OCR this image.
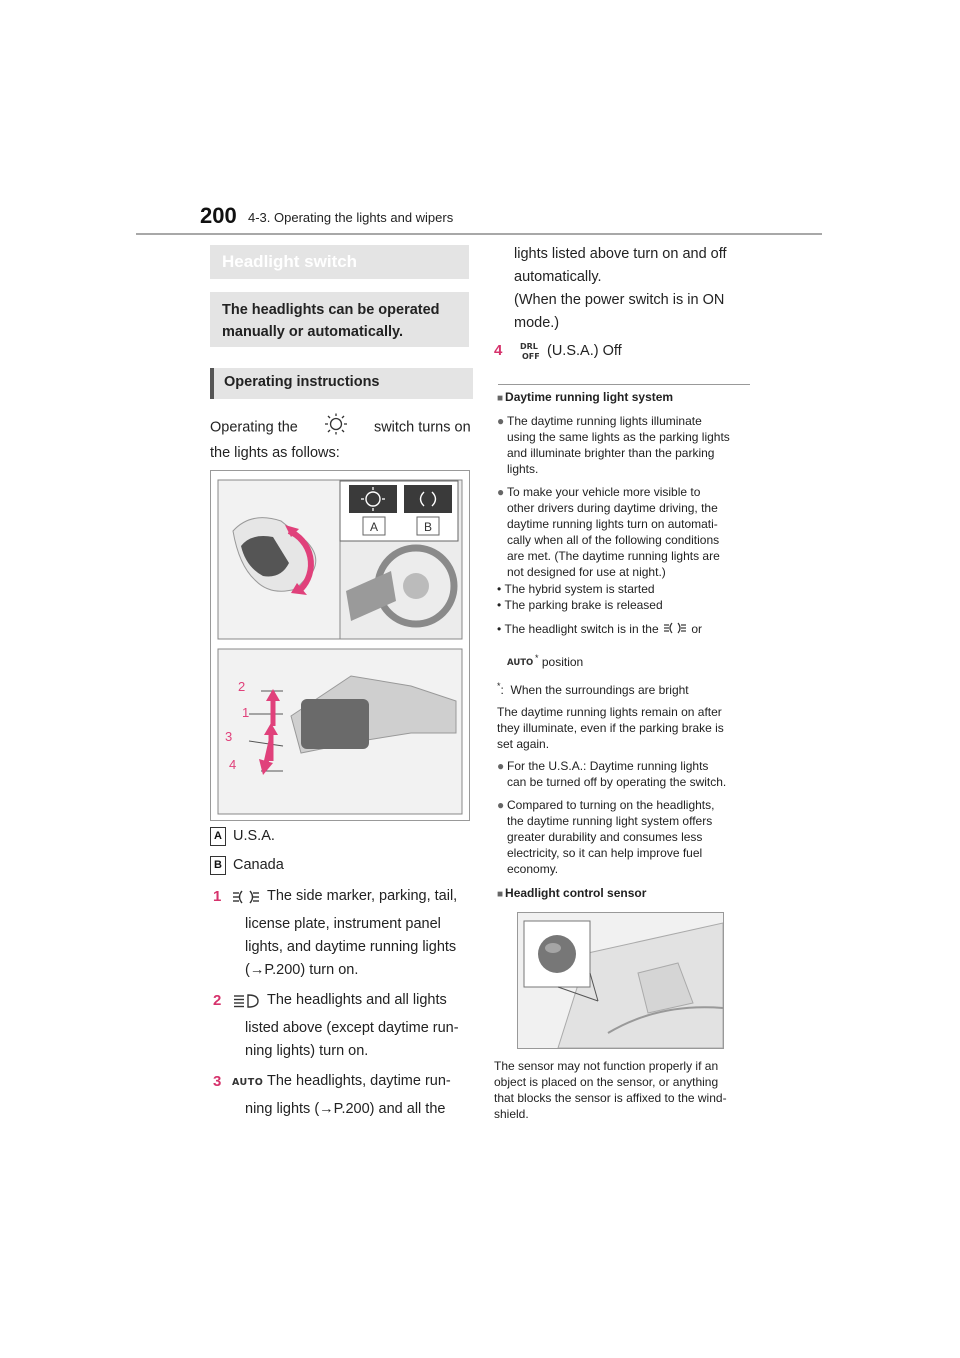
200 4-3. Operating the lights and wipers
Headlight switch
The headlights can be operated manually or automatically.
Operating instructions
Operating the	switch turns on
the lights as follows:
A	B
2
1
3
4
A U.S.A.
B Canada
1	The side marker, parking, tail,
license plate, instrument panel
lights, and daytime running lights
(→P.200) turn on.
2	The headlights and all lights
listed above (except daytime run-
ning lights) turn on.
3 AUTO The headlights, daytime run-
ning lights (→P.200) and all the
lights listed above turn on and off
automatically.
(When the power switch is in ON
mode.)
4 DRL
OFF (U.S.A.) Off
■ Daytime running light system
● The daytime running lights illuminate
using the same lights as the parking lights
and illuminate brighter than the parking
lights.
● To make your vehicle more visible to
other drivers during daytime driving, the
daytime running lights turn on automati-
cally when all of the following conditions
are met. (The daytime running lights are
not designed for use at night.)
• The hybrid system is started
• The parking brake is released
• The headlight switch is in the	or
AUTO * position
*:  When the surroundings are bright
The daytime running lights remain on after
they illuminate, even if the parking brake is
set again.
● For the U.S.A.: Daytime running lights
can be turned off by operating the switch.
● Compared to turning on the headlights,
the daytime running light system offers
greater durability and consumes less
electricity, so it can help improve fuel
economy.
■ Headlight control sensor
The sensor may not function properly if an
object is placed on the sensor, or anything
that blocks the sensor is affixed to the wind-
shield.
